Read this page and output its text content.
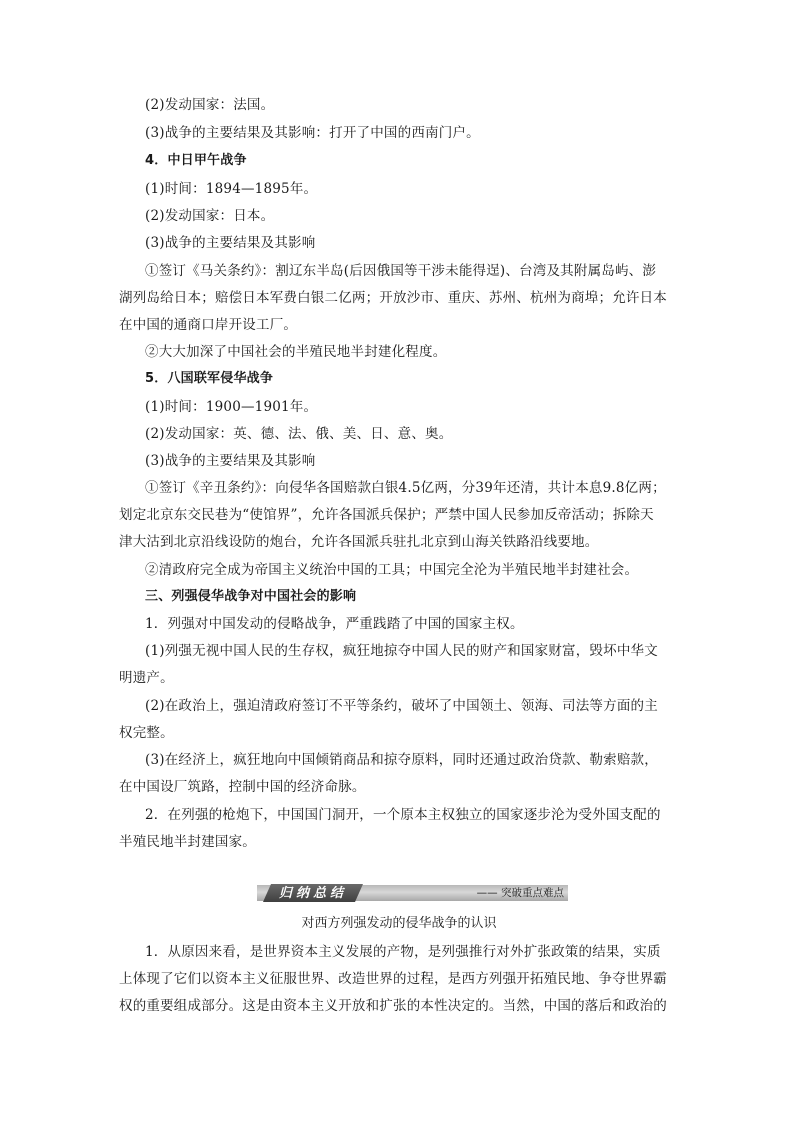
(2)发动国家：法国。
(3)战争的主要结果及其影响：打开了中国的西南门户。
4．中日甲午战争
(1)时间：1894—1895年。
(2)发动国家：日本。
(3)战争的主要结果及其影响
①签订《马关条约》：割辽东半岛(后因俄国等干涉未能得逞)、台湾及其附属岛屿、澎
湖列岛给日本；赔偿日本军费白银二亿两；开放沙市、重庆、苏州、杭州为商埠；允许日本
在中国的通商口岸开设工厂。
②大大加深了中国社会的半殖民地半封建化程度。
5．八国联军侵华战争
(1)时间：1900—1901年。
(2)发动国家：英、德、法、俄、美、日、意、奥。
(3)战争的主要结果及其影响
①签订《辛丑条约》：向侵华各国赔款白银4.5亿两，分39年还清，共计本息9.8亿两；
划定北京东交民巷为“使馆界”，允许各国派兵保护；严禁中国人民参加反帝活动；拆除天
津大沽到北京沿线设防的炮台，允许各国派兵驻扎北京到山海关铁路沿线要地。
②清政府完全成为帝国主义统治中国的工具；中国完全沦为半殖民地半封建社会。
三、列强侵华战争对中国社会的影响
1．列强对中国发动的侵略战争，严重践踏了中国的国家主权。
(1)列强无视中国人民的生存权，疯狂地掠夺中国人民的财产和国家财富，毁坏中华文
明遗产。
(2)在政治上，强迫清政府签订不平等条约，破坏了中国领土、领海、司法等方面的主
权完整。
(3)在经济上，疯狂地向中国倾销商品和掠夺原料，同时还通过政治贷款、勒索赔款，
在中国设厂筑路，控制中国的经济命脉。
2．在列强的枪炮下，中国国门洞开，一个原本主权独立的国家逐步沦为受外国支配的
半殖民地半封建国家。
归纳总结	—— 突破重点难点
对西方列强发动的侵华战争的认识
1．从原因来看，是世界资本主义发展的产物，是列强推行对外扩张政策的结果，实质
上体现了它们以资本主义征服世界、改造世界的过程，是西方列强开拓殖民地、争夺世界霸
权的重要组成部分。这是由资本主义开放和扩张的本性决定的。当然，中国的落后和政治的
